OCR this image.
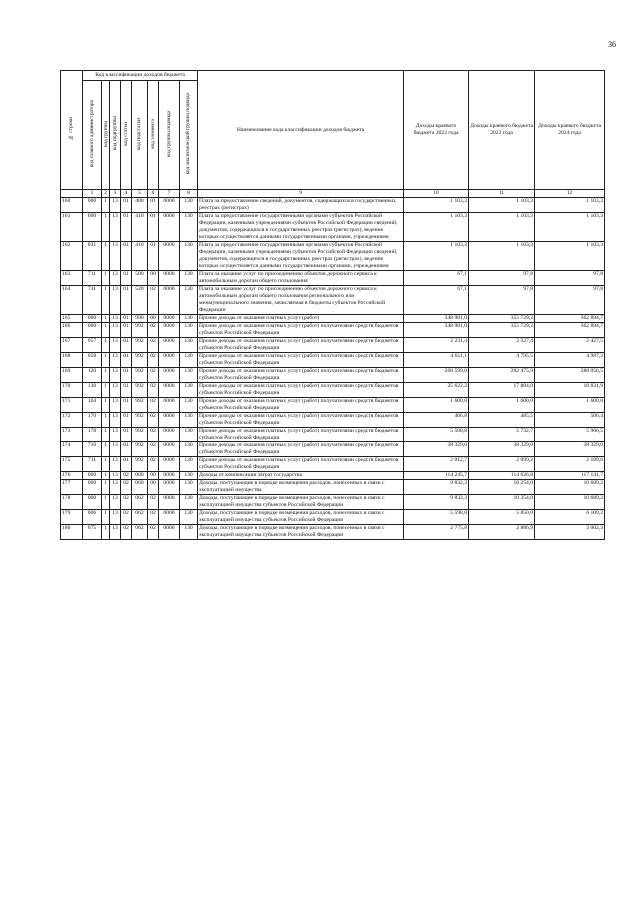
36
№ строки	Код классификации доходов бюджета								Наименование кода классификации доходов бюджета	Доходы краевого бюджета 2022 года	Доходы краевого бюджета 2023 года	Доходы краевого бюджета 2024 года
	код главного администратора	код группы	код подгруппы	код статьи	код подстатьи	код элемента	код группы подвида	код аналитической группы подвида				
	1	2	3	4	5	6	7	8	9	10	11	12
160	000	1	13	01	400	01	0000	130	Плата за предоставление сведений, документов, содержащихся в государственных реестрах (регистрах)	1 103,3	1 103,3	1 103,3
161	000	1	13	01	410	01	0000	130	Плата за предоставление государственными органами субъектов Российской Федерации, казенными учреждениями субъектов Российской Федерации сведений, документов, содержащихся в государственных реестрах (регистрах), ведение которых осуществляется данными государственными органами, учреждениями	1 103,3	1 103,3	1 103,3
162	031	1	13	01	410	01	0000	130	Плата за предоставление государственными органами субъектов Российской Федерации, казенными учреждениями субъектов Российской Федерации сведений, документов, содержащихся в государственных реестрах (регистрах), ведение которых осуществляется данными государственными органами, учреждениями	1 103,3	1 103,3	1 103,3
163	711	1	13	01	500	00	0000	130	Плата за оказание услуг по присоединению объектов дорожного сервиса к автомобильным дорогам общего пользования	67,1	97,8	97,8
164	711	1	13	01	520	02	0000	130	Плата за оказание услуг по присоединению объектов дорожного сервиса к автомобильным дорогам общего пользования регионального или межмуниципального значения, зачисляемая в бюджеты субъектов Российской Федерации	67,1	97,8	97,8
165	000	1	13	01	990	00	0000	130	Прочие доходы от оказания платных услуг (работ)	348 981,0	355 729,2	362 894,7
166	000	1	13	01	992	02	0000	130	Прочие доходы от оказания платных услуг (работ) получателями средств бюджетов субъектов Российской Федерации	348 981,0	355 729,2	362 894,7
167	057	1	13	01	992	02	0000	130	Прочие доходы от оказания платных услуг (работ) получателями средств бюджетов субъектов Российской Федерации	2 231,4	2 327,4	2 427,5
168	058	1	13	01	992	02	0000	130	Прочие доходы от оказания платных услуг (работ) получателями средств бюджетов субъектов Российской Федерации	4 611,1	4 795,5	4 987,3
169	120	1	13	01	992	02	0000	130	Прочие доходы от оказания платных услуг (работ) получателями средств бюджетов субъектов Российской Федерации	268 599,0	282 475,9	288 056,5
170	130	1	13	01	992	02	0000	130	Прочие доходы от оказания платных услуг (работ) получателями средств бюджетов субъектов Российской Федерации	25 622,2	17 884,0	18 831,9
171	164	1	13	01	992	02	0000	130	Прочие доходы от оказания платных услуг (работ) получателями средств бюджетов субъектов Российской Федерации	1 600,0	1 600,0	1 600,0
172	170	1	13	01	992	02	0000	130	Прочие доходы от оказания платных услуг (работ) получателями средств бюджетов субъектов Российской Федерации	466,8	485,5	506,4
173	178	1	13	01	992	02	0000	130	Прочие доходы от оказания платных услуг (работ) получателями средств бюджетов субъектов Российской Федерации	5 508,8	5 732,7	5 966,5
174	710	1	13	01	992	02	0000	130	Прочие доходы от оказания платных услуг (работ) получателями средств бюджетов субъектов Российской Федерации	38 329,0	38 329,0	38 329,0
175	711	1	13	01	992	02	0000	130	Прочие доходы от оказания платных услуг (работ) получателями средств бюджетов субъектов Российской Федерации	2 012,7	2 099,2	2 189,6
176	000	1	13	02	000	00	0000	130	Доходы от компенсации затрат государства	114 245,7	114 626,8	117 141,7
177	000	1	13	02	060	00	0000	130	Доходы, поступающие в порядке возмещения расходов, понесенных в связи с эксплуатацией имущества	9 832,3	10 254,0	10 689,2
178	000	1	13	02	062	02	0000	130	Доходы, поступающие в порядке возмещения расходов, понесенных в связи с эксплуатацией имущества субъектов Российской Федерации	9 832,3	10 254,0	10 689,2
179	006	1	13	02	062	02	0000	130	Доходы, поступающие в порядке возмещения расходов, понесенных в связи с эксплуатацией имущества субъектов Российской Федерации	5 598,0	5 850,0	6 109,2
180	075	1	13	02	062	02	0000	130	Доходы, поступающие в порядке возмещения расходов, понесенных в связи с эксплуатацией имущества субъектов Российской Федерации	2 775,8	2 886,9	3 002,3
